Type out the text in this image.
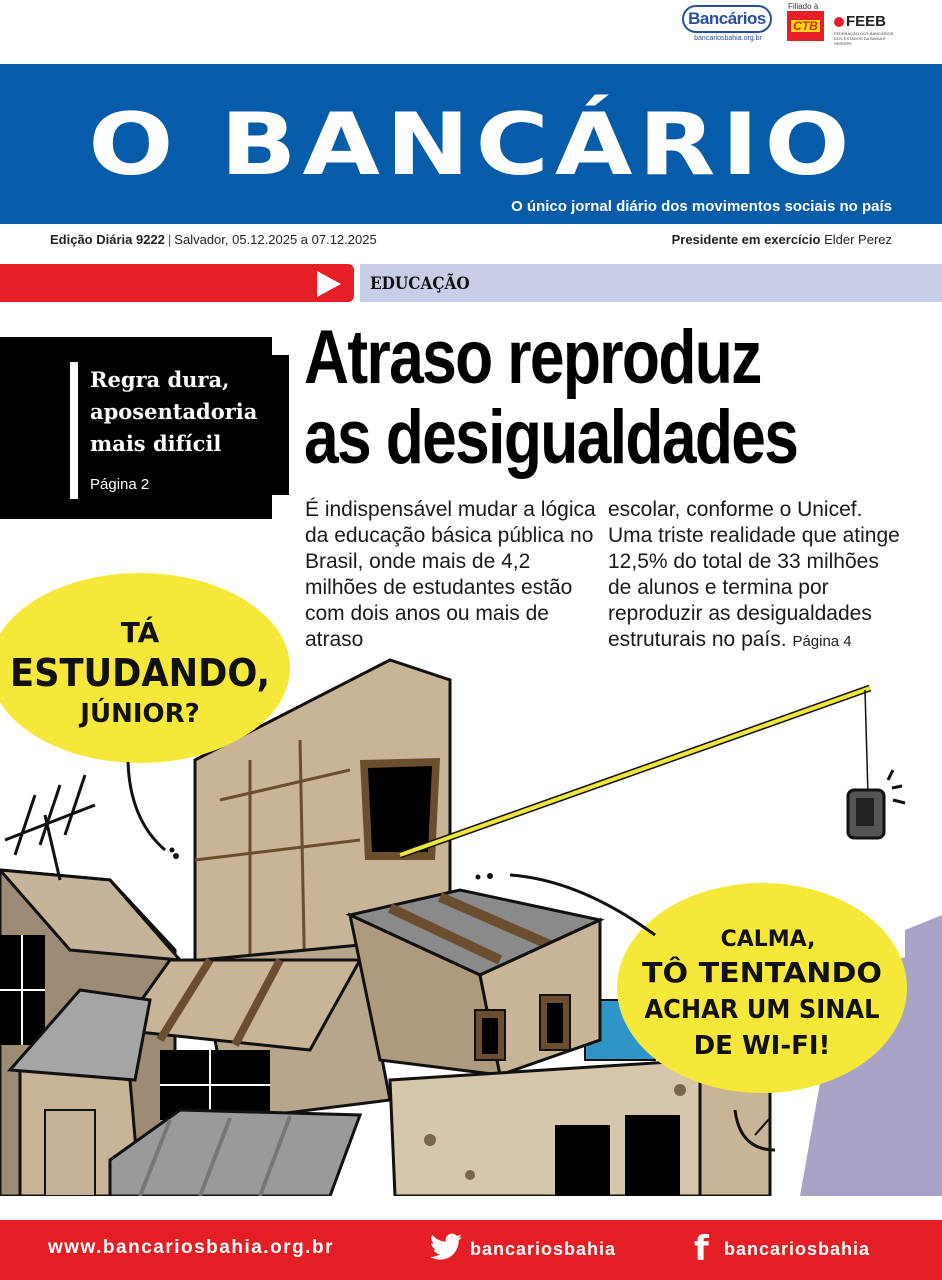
Bancários
bancariosbahia.org.br
Filiado à
CTB	FEEB
FEDERAÇÃO DOS BANCÁRIOS DOS ESTADOS DA BAHIA E SERGIPE
O BANCÁRIO
O único jornal diário dos movimentos sociais no país
Edição Diária 9222 | Salvador, 05.12.2025 a 07.12.2025	Presidente em exercício Elder Perez
EDUCAÇÃO
Regra dura,
aposentadoria
mais difícil
Página 2
Atraso reproduz
as desigualdades

É indispensável mudar a lógica da educação básica pública no Brasil, onde mais de 4,2 milhões de estudantes estão com dois anos ou mais de atraso

escolar, conforme o Unicef. Uma triste realidade que atinge 12,5% do total de 33 milhões de alunos e termina por reproduzir as desigualdades estruturais no país. Página 4

TÁ
ESTUDANDO,
JÚNIOR?
CALMA,
TÔ TENTANDO
ACHAR UM SINAL
DE WI-FI!
www.bancariosbahia.org.br	bancariosbahia f bancariosbahia
